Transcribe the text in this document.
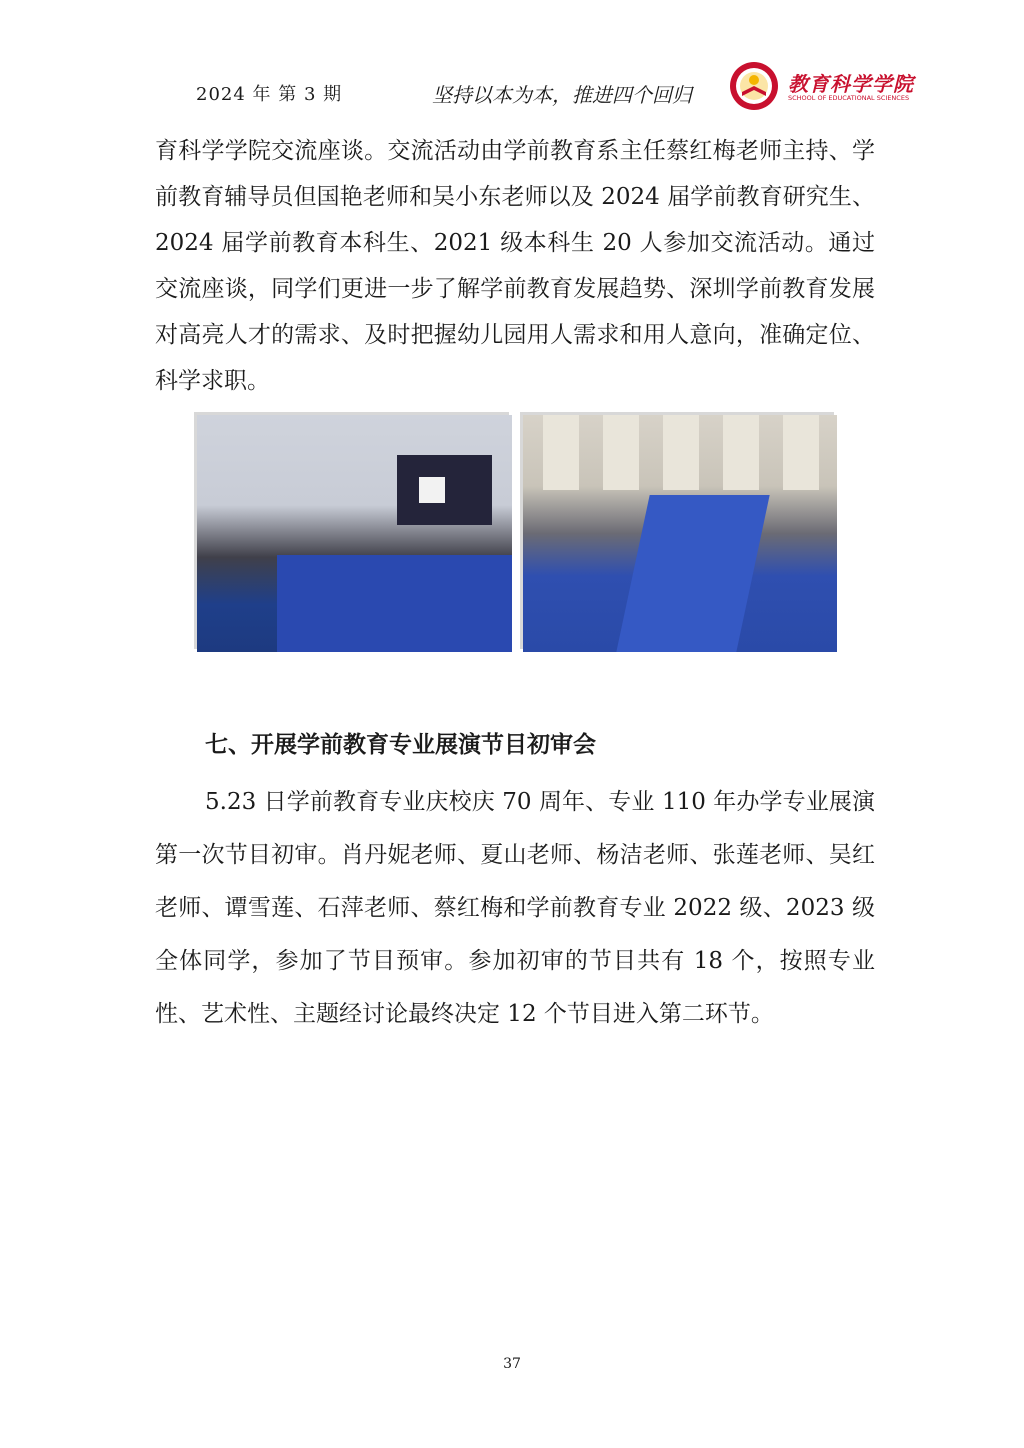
2024 年 第 3 期	坚持以本为本，推进四个回归	教育科学学院
SCHOOL OF EDUCATIONAL SCIENCES
育科学学院交流座谈。交流活动由学前教育系主任蔡红梅老师主持、学前教育辅导员但国艳老师和吴小东老师以及 2024 届学前教育研究生、2024 届学前教育本科生、2021 级本科生 20 人参加交流活动。通过交流座谈，同学们更进一步了解学前教育发展趋势、深圳学前教育发展对高亮人才的需求、及时把握幼儿园用人需求和用人意向，准确定位、科学求职。
七、开展学前教育专业展演节目初审会
5.23 日学前教育专业庆校庆 70 周年、专业 110 年办学专业展演第一次节目初审。肖丹妮老师、夏山老师、杨洁老师、张莲老师、吴红老师、谭雪莲、石萍老师、蔡红梅和学前教育专业 2022 级、2023 级全体同学，参加了节目预审。参加初审的节目共有 18 个，按照专业性、艺术性、主题经讨论最终决定 12 个节目进入第二环节。
37
